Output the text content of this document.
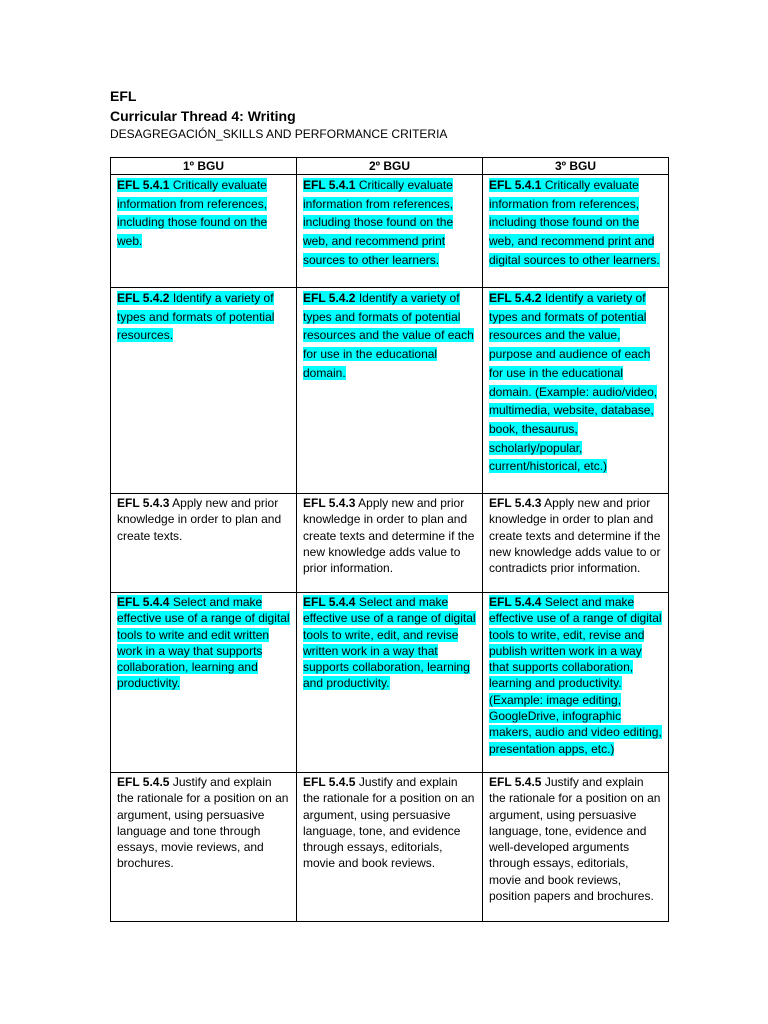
EFL
Curricular Thread 4: Writing
DESAGREGACIÓN_SKILLS AND PERFORMANCE CRITERIA
1º BGU	2º BGU	3º BGU
EFL 5.4.1 Critically evaluate information from references, including those found on the web.	EFL 5.4.1 Critically evaluate information from references, including those found on the web, and recommend print sources to other learners.	EFL 5.4.1 Critically evaluate information from references, including those found on the web, and recommend print and digital sources to other learners.
EFL 5.4.2 Identify a variety of types and formats of potential resources.	EFL 5.4.2 Identify a variety of types and formats of potential resources and the value of each for use in the educational domain.	EFL 5.4.2 Identify a variety of types and formats of potential resources and the value, purpose and audience of each for use in the educational domain. (Example: audio/video, multimedia, website, database, book, thesaurus, scholarly/popular, current/historical, etc.)
EFL 5.4.3 Apply new and prior knowledge in order to plan and create texts.	EFL 5.4.3 Apply new and prior knowledge in order to plan and create texts and determine if the new knowledge adds value to prior information.	EFL 5.4.3 Apply new and prior knowledge in order to plan and create texts and determine if the new knowledge adds value to or contradicts prior information.
EFL 5.4.4 Select and make effective use of a range of digital tools to write and edit written work in a way that supports collaboration, learning and productivity.	EFL 5.4.4 Select and make effective use of a range of digital tools to write, edit, and revise written work in a way that supports collaboration, learning and productivity.	EFL 5.4.4 Select and make effective use of a range of digital tools to write, edit, revise and publish written work in a way that supports collaboration, learning and productivity. (Example: image editing, GoogleDrive, infographic makers, audio and video editing, presentation apps, etc.)
EFL 5.4.5 Justify and explain the rationale for a position on an argument, using persuasive language and tone through essays, movie reviews, and brochures.	EFL 5.4.5 Justify and explain the rationale for a position on an argument, using persuasive language, tone, and evidence through essays, editorials, movie and book reviews.	EFL 5.4.5 Justify and explain the rationale for a position on an argument, using persuasive language, tone, evidence and well-developed arguments through essays, editorials, movie and book reviews, position papers and brochures.
